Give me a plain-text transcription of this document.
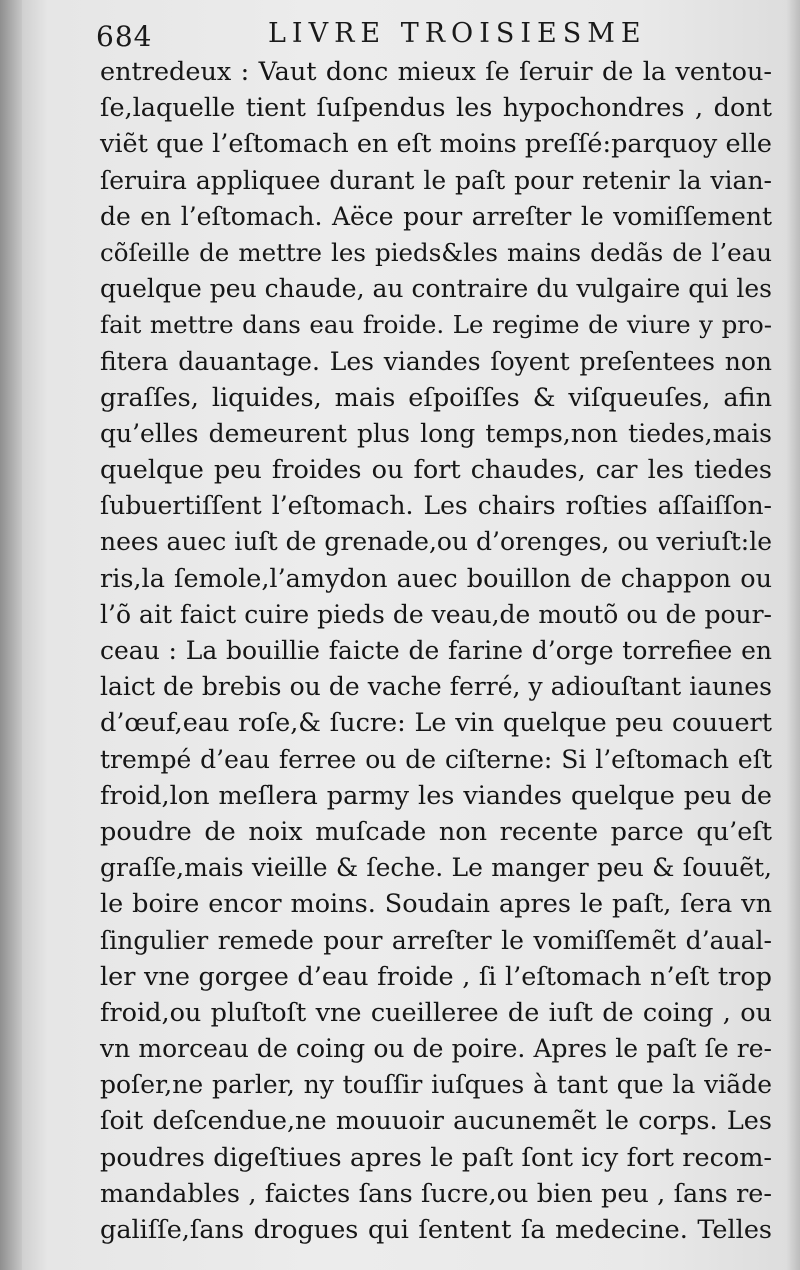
684	LIVRE TROISIESME
entredeux : Vaut donc mieux ſe ſeruir de la ventou-
ſe,laquelle tient ſuſpendus les hypochondres , dont
viẽt que l’eſtomach en eſt moins preſſé:parquoy elle
ſeruira appliquee durant le paſt pour retenir la vian-
de en l’eſtomach. Aëce pour arreſter le vomiſſement
cõſeille de mettre les pieds&les mains dedãs de l’eau
quelque peu chaude, au contraire du vulgaire qui les
fait mettre dans eau froide. Le regime de viure y pro-
fitera dauantage. Les viandes ſoyent preſentees non
graſſes, liquides, mais eſpoiſſes & viſqueuſes, afin
qu’elles demeurent plus long temps,non tiedes,mais
quelque peu froides ou fort chaudes, car les tiedes
ſubuertiſſent l’eſtomach. Les chairs roſties aſſaiſſon-
nees auec iuſt de grenade,ou d’orenges, ou veriuſt:le
ris,la ſemole,l’amydon auec bouillon de chappon ou
l’õ ait faict cuire pieds de veau,de moutõ ou de pour-
ceau : La bouillie faicte de farine d’orge torrefiee en
laict de brebis ou de vache ferré, y adiouſtant iaunes
d’œuf,eau roſe,& ſucre: Le vin quelque peu couuert
trempé d’eau ferree ou de ciſterne: Si l’eſtomach eſt
froid,lon meſlera parmy les viandes quelque peu de
poudre de noix muſcade non recente parce qu’eſt
graſſe,mais vieille & ſeche. Le manger peu & ſouuẽt,
le boire encor moins. Soudain apres le paſt, ſera vn
ſingulier remede pour arreſter le vomiſſemẽt d’aual-
ler vne gorgee d’eau froide , ſi l’eſtomach n’eſt trop
froid,ou pluſtoſt vne cueilleree de iuſt de coing , ou
vn morceau de coing ou de poire. Apres le paſt ſe re-
poſer,ne parler, ny touſſir iuſques à tant que la viãde
ſoit deſcendue,ne mouuoir aucunemẽt le corps. Les
poudres digeſtiues apres le paſt ſont icy fort recom-
mandables , faictes ſans ſucre,ou bien peu , ſans re-
galiſſe,ſans drogues qui ſentent ſa medecine. Telles
